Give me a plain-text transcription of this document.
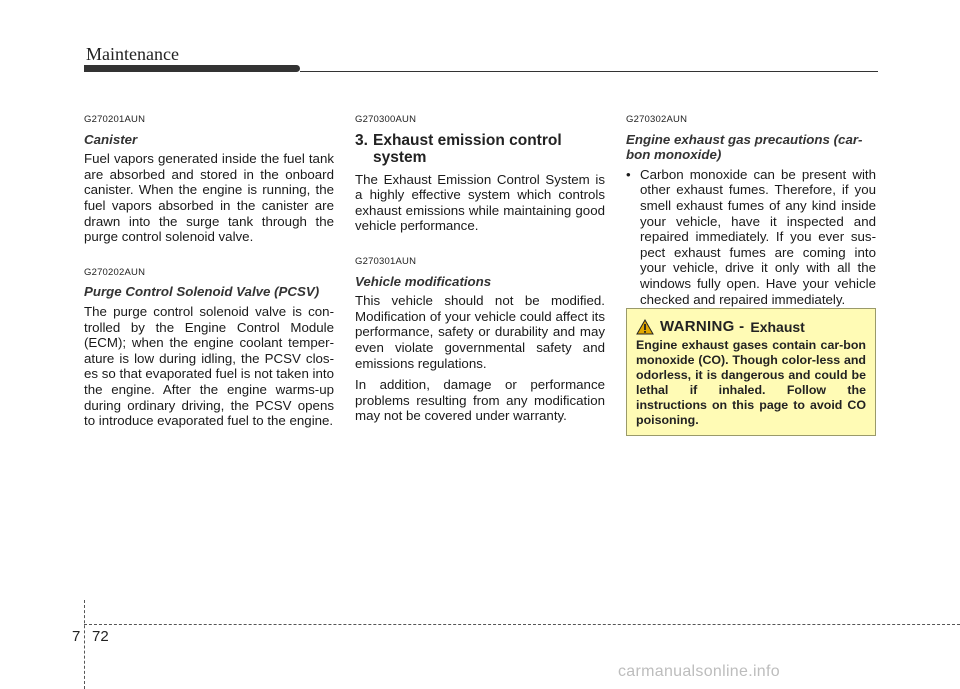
Maintenance
G270201AUN
Canister

Fuel vapors generated inside the fuel tank are absorbed and stored in the onboard canister. When the engine is running, the fuel vapors absorbed in the canister are drawn into the surge tank through the purge control solenoid valve.

G270202AUN
Purge Control Solenoid Valve (PCSV)

The purge control solenoid valve is con-trolled by the Engine Control Module (ECM); when the engine coolant temper-ature is low during idling, the PCSV clos-es so that evaporated fuel is not taken into the engine. After the engine warms-up during ordinary driving, the PCSV opens to introduce evaporated fuel to the engine.

G270300AUN
3. Exhaust emission control
system

The Exhaust Emission Control System is a highly effective system which controls exhaust emissions while maintaining good vehicle performance.

G270301AUN
Vehicle modifications

This vehicle should not be modified. Modification of your vehicle could affect its performance, safety or durability and may even violate governmental safety and emissions regulations.

In addition, damage or performance problems resulting from any modification may not be covered under warranty.

G270302AUN
Engine exhaust gas precautions (car-bon monoxide)
• Carbon monoxide can be present with other exhaust fumes. Therefore, if you smell exhaust fumes of any kind inside your vehicle, have it inspected and repaired immediately. If you ever sus-pect exhaust fumes are coming into your vehicle, drive it only with all the windows fully open. Have your vehicle checked and repaired immediately.
WARNING - Exhaust

Engine exhaust gases contain car-bon monoxide (CO). Though color-less and odorless, it is dangerous and could be lethal if inhaled. Follow the instructions on this page to avoid CO poisoning.

7 72
carmanualsonline.info
